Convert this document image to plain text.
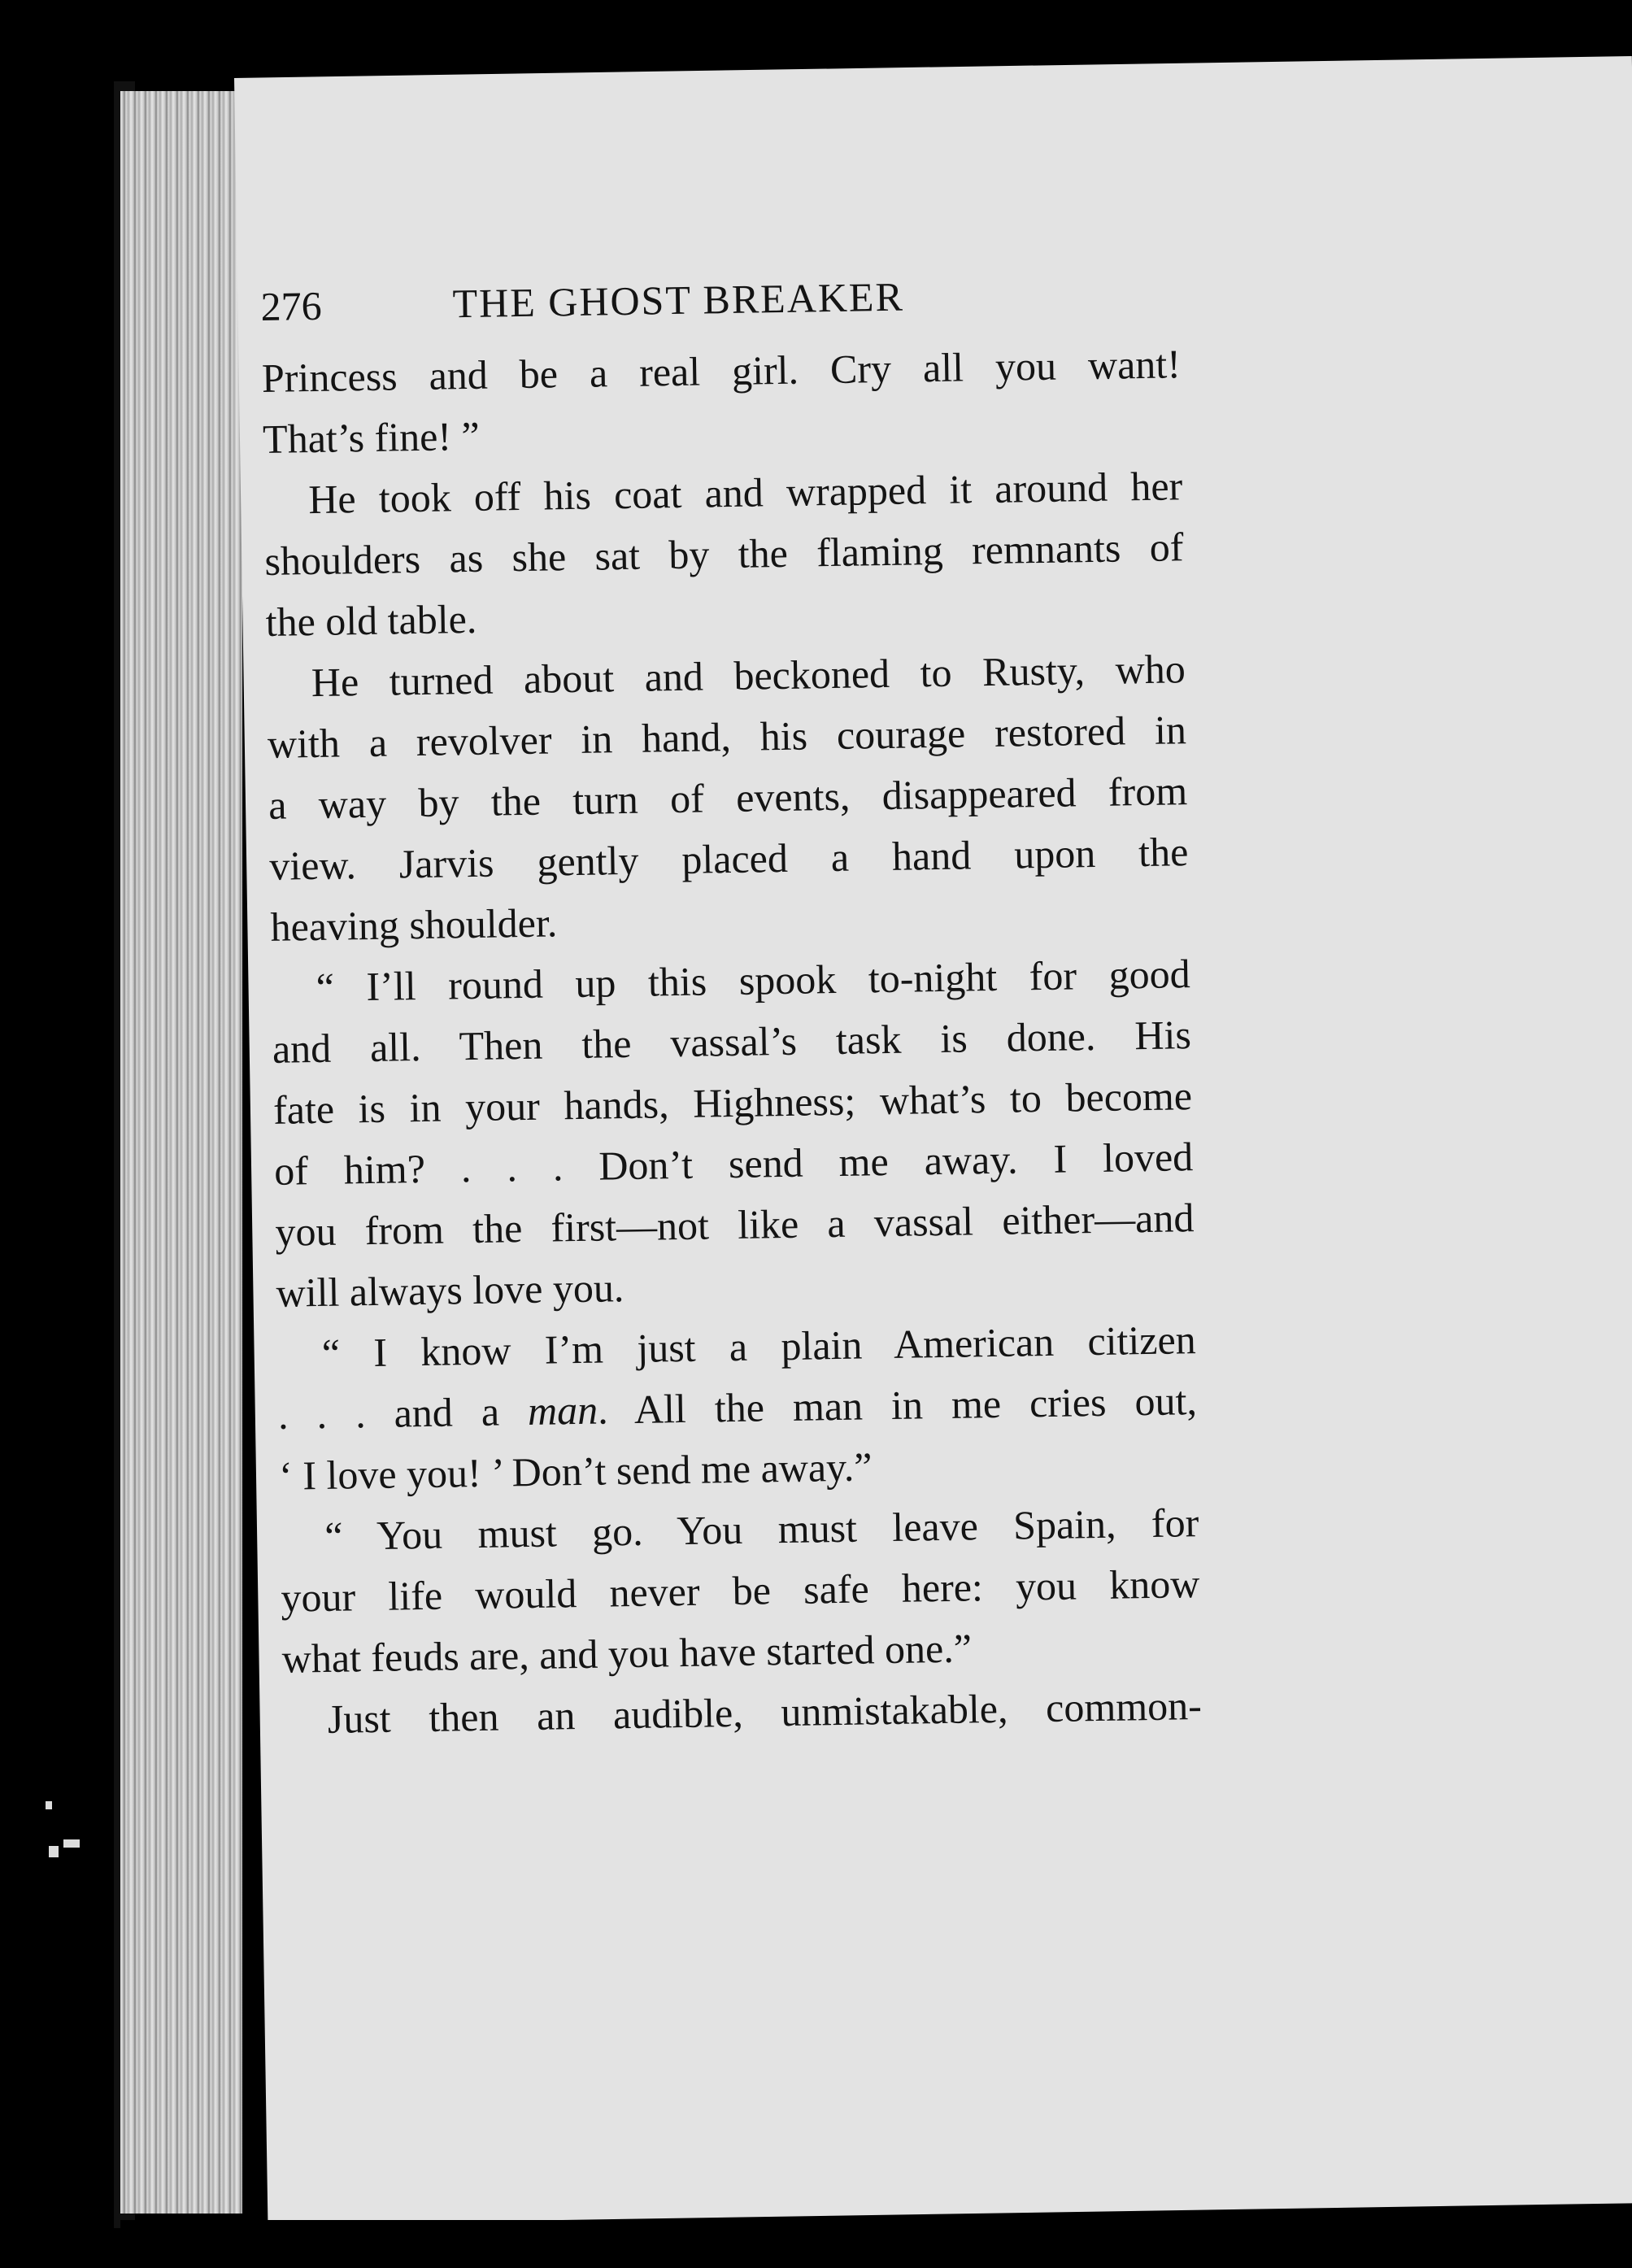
276	THE GHOST BREAKER
Princess and be a real girl. Cry all you want!
That’s fine! ”
He took off his coat and wrapped it around her
shoulders as she sat by the flaming remnants of
the old table.
He turned about and beckoned to Rusty, who
with a revolver in hand, his courage restored in
a way by the turn of events, disappeared from
view. Jarvis gently placed a hand upon the
heaving shoulder.
“ I’ll round up this spook to-night for good
and all. Then the vassal’s task is done. His
fate is in your hands, Highness; what’s to become
of him? . . . Don’t send me away. I loved
you from the first—not like a vassal either—and
will always love you.
“ I know I’m just a plain American citizen
. . . and a man. All the man in me cries out,
‘ I love you! ’ Don’t send me away.”
“ You must go. You must leave Spain, for
your life would never be safe here: you know
what feuds are, and you have started one.”
Just then an audible, unmistakable, common-
